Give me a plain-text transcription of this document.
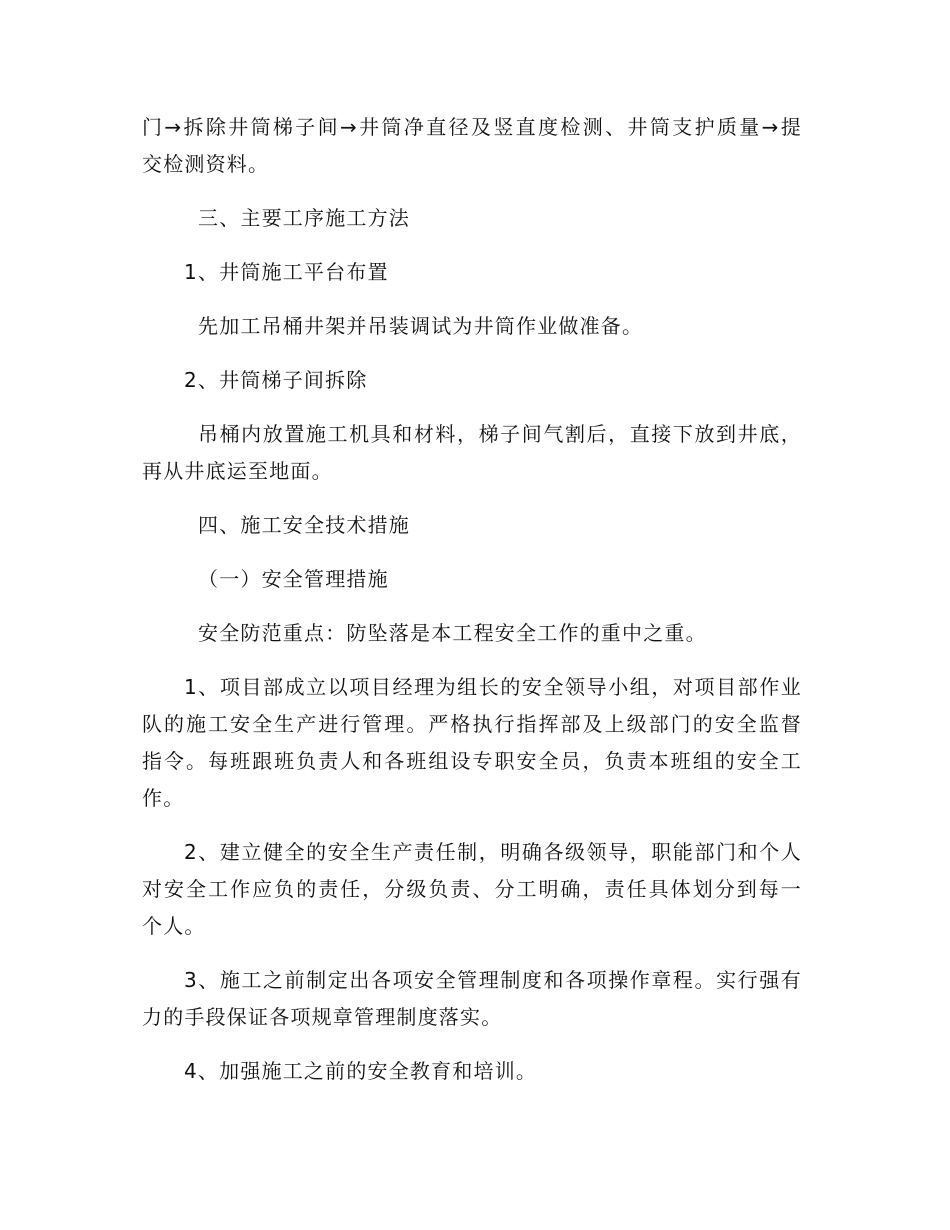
门→拆除井筒梯子间→井筒净直径及竖直度检测、井筒支护质量→提
交检测资料。
三、主要工序施工方法
1、井筒施工平台布置
先加工吊桶井架并吊装调试为井筒作业做准备。
2、井筒梯子间拆除
吊桶内放置施工机具和材料，梯子间气割后，直接下放到井底，
再从井底运至地面。
四、施工安全技术措施
（一）安全管理措施
安全防范重点：防坠落是本工程安全工作的重中之重。
1、项目部成立以项目经理为组长的安全领导小组，对项目部作业
队的施工安全生产进行管理。严格执行指挥部及上级部门的安全监督
指令。每班跟班负责人和各班组设专职安全员，负责本班组的安全工
作。
2、建立健全的安全生产责任制，明确各级领导，职能部门和个人
对安全工作应负的责任，分级负责、分工明确，责任具体划分到每一
个人。
3、施工之前制定出各项安全管理制度和各项操作章程。实行强有
力的手段保证各项规章管理制度落实。
4、加强施工之前的安全教育和培训。
